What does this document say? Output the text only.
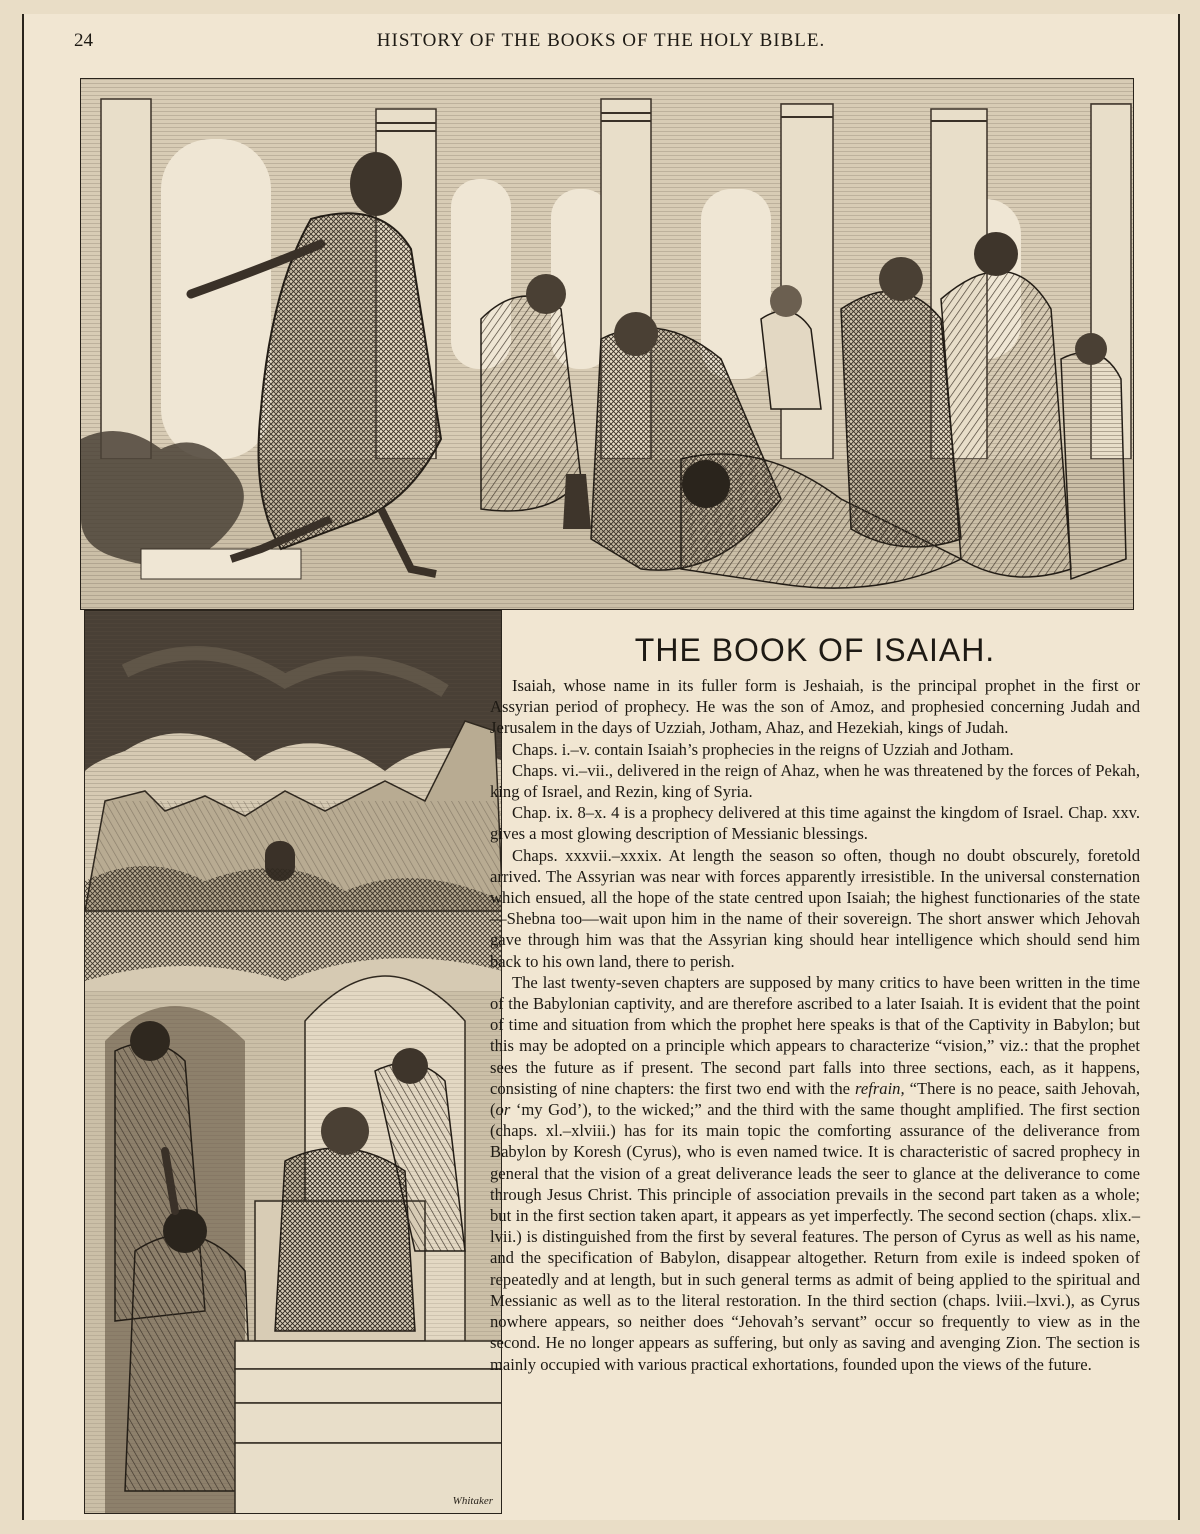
24	HISTORY OF THE BOOKS OF THE HOLY BIBLE.
Whitaker
THE BOOK OF ISAIAH.

Isaiah, whose name in its fuller form is Jeshaiah, is the principal prophet in the first or Assyrian period of prophecy. He was the son of Amoz, and prophesied concerning Judah and Jerusalem in the days of Uzziah, Jotham, Ahaz, and Hezekiah, kings of Judah.

Chaps. i.–v. contain Isaiah’s prophecies in the reigns of Uzziah and Jotham.

Chaps. vi.–vii., delivered in the reign of Ahaz, when he was threatened by the forces of Pekah, king of Israel, and Rezin, king of Syria.

Chap. ix. 8–x. 4 is a prophecy delivered at this time against the kingdom of Israel. Chap. xxv. gives a most glowing description of Messianic blessings.

Chaps. xxxvii.–xxxix. At length the season so often, though no doubt obscurely, foretold arrived. The Assyrian was near with forces apparently irresistible. In the universal consternation which ensued, all the hope of the state centred upon Isaiah; the highest functionaries of the state—Shebna too—wait upon him in the name of their sovereign. The short answer which Jehovah gave through him was that the Assyrian king should hear intelligence which should send him back to his own land, there to perish.

The last twenty-seven chapters are supposed by many critics to have been written in the time of the Babylonian captivity, and are therefore ascribed to a later Isaiah. It is evident that the point of time and situation from which the prophet here speaks is that of the Captivity in Babylon; but this may be adopted on a principle which appears to characterize “vision,” viz.: that the prophet sees the future as if present. The second part falls into three sections, each, as it happens, consisting of nine chapters: the first two end with the refrain, “There is no peace, saith Jehovah, (or ‘my God’), to the wicked;” and the third with the same thought amplified. The first section (chaps. xl.–xlviii.) has for its main topic the comforting assurance of the deliverance from Babylon by Koresh (Cyrus), who is even named twice. It is characteristic of sacred prophecy in general that the vision of a great deliverance leads the seer to glance at the deliverance to come through Jesus Christ. This principle of association prevails in the second part taken as a whole; but in the first section taken apart, it appears as yet imperfectly. The second section (chaps. xlix.–lvii.) is distinguished from the first by several features. The person of Cyrus as well as his name, and the specification of Babylon, disappear altogether. Return from exile is indeed spoken of repeatedly and at length, but in such general terms as admit of being applied to the spiritual and Messianic as well as to the literal restoration. In the third section (chaps. lviii.–lxvi.), as Cyrus nowhere appears, so neither does “Jehovah’s servant” occur so frequently to view as in the second. He no longer appears as suffering, but only as saving and avenging Zion. The section is mainly occupied with various practical exhortations, founded upon the views of the future.
